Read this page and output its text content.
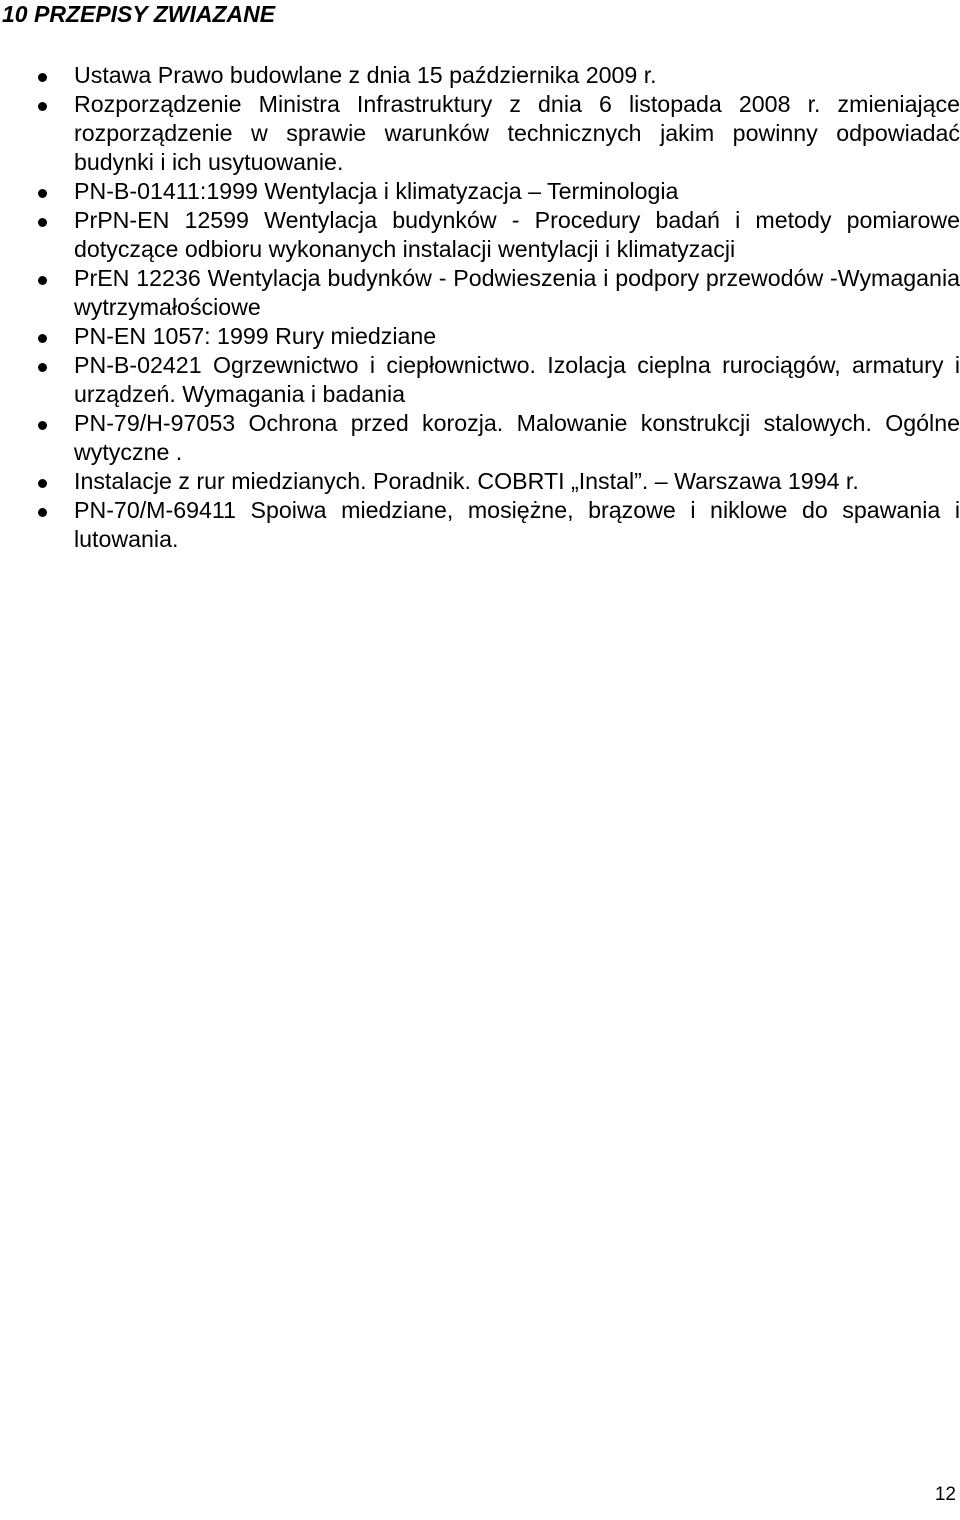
10 PRZEPISY ZWIAZANE
Ustawa Prawo budowlane z dnia 15 października 2009 r.
Rozporządzenie Ministra Infrastruktury z dnia 6 listopada 2008 r. zmieniające rozporządzenie w sprawie warunków technicznych jakim powinny odpowiadać budynki i ich usytuowanie.
PN-B-01411:1999 Wentylacja i klimatyzacja – Terminologia
PrPN-EN 12599 Wentylacja budynków - Procedury badań i metody pomiarowe dotyczące odbioru wykonanych instalacji wentylacji i klimatyzacji
PrEN 12236 Wentylacja budynków - Podwieszenia i podpory przewodów -Wymagania wytrzymałościowe
PN-EN 1057: 1999 Rury miedziane
PN-B-02421 Ogrzewnictwo i ciepłownictwo. Izolacja cieplna rurociągów, armatury i urządzeń. Wymagania i badania
PN-79/H-97053 Ochrona przed korozja. Malowanie konstrukcji stalowych. Ogólne wytyczne .
Instalacje z rur miedzianych. Poradnik. COBRTI „Instal”. – Warszawa 1994 r.
PN-70/M-69411 Spoiwa miedziane, mosiężne, brązowe i niklowe do spawania i lutowania.
12
